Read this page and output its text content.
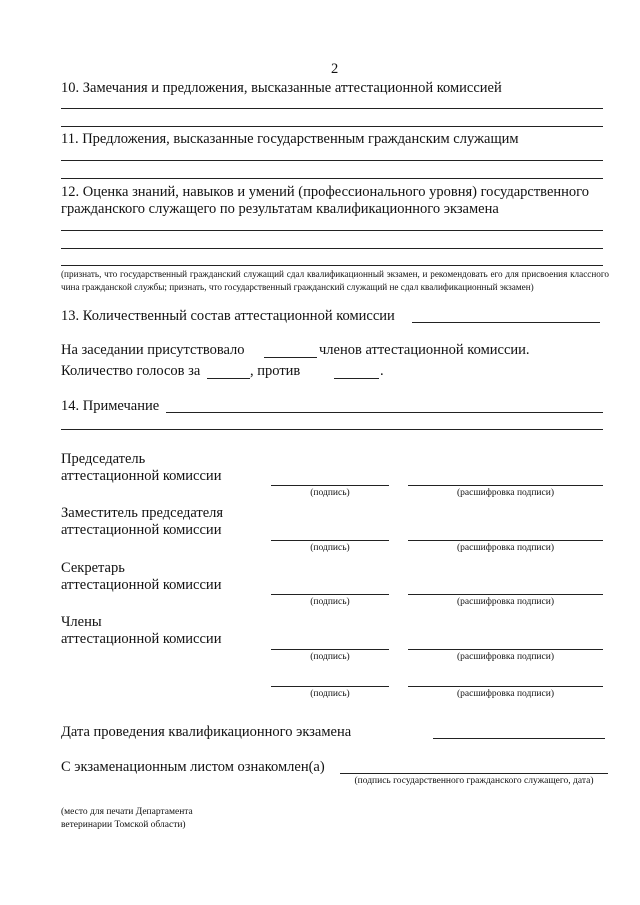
2
10. Замечания и предложения, высказанные аттестационной комиссией
11. Предложения, высказанные государственным гражданским служащим
12. Оценка знаний, навыков и умений (профессионального уровня) государственного
гражданского служащего по результатам квалификационного экзамена
(признать, что государственный гражданский служащий сдал квалификационный экзамен, и рекомендовать его для присвоения классного чина гражданской службы; признать, что государственный гражданский служащий не сдал квалификационный экзамен)
13. Количественный состав аттестационной комиссии
На заседании присутствовало	членов аттестационной комиссии.
Количество голосов за	, против	.
14. Примечание
Председатель
аттестационной комиссии
(подпись)	(расшифровка подписи)
Заместитель председателя
аттестационной комиссии
(подпись)	(расшифровка подписи)
Секретарь
аттестационной комиссии
(подпись)	(расшифровка подписи)
Члены
аттестационной комиссии
(подпись)	(расшифровка подписи)
(подпись)	(расшифровка подписи)
Дата проведения квалификационного экзамена
С экзаменационным листом ознакомлен(а)
(подпись государственного гражданского служащего, дата)
(место для печати Департамента
ветеринарии Томской области)
